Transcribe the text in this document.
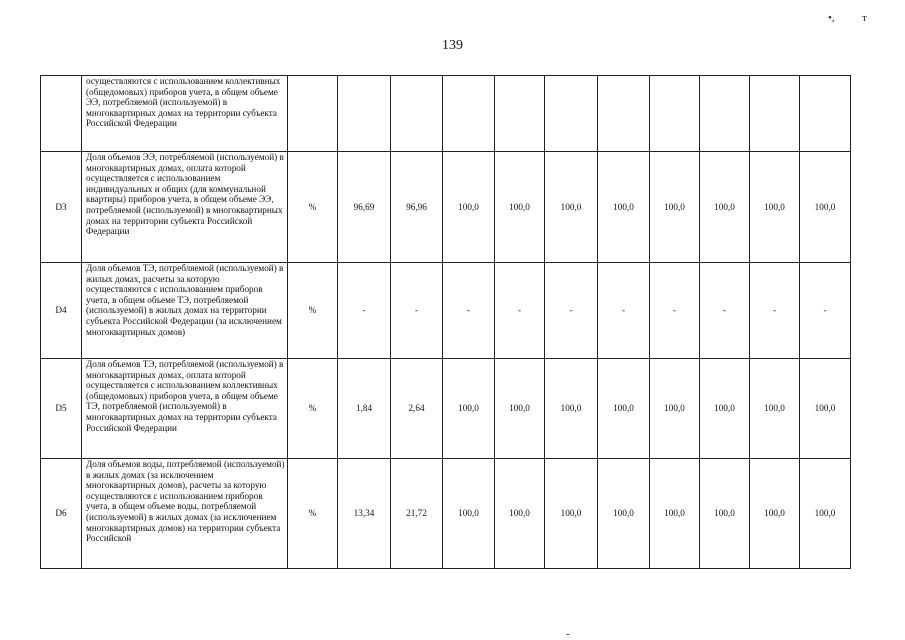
139
•, т
-
	осуществляются с использованием коллективных (общедомовых) приборов учета, в общем объеме ЭЭ, потребляемой (используемой) в многоквартирных домах на территории субъекта Российской Федерации											
D3	Доля объемов ЭЭ, потребляемой (используемой) в многоквартирных домах, оплата которой осуществляется с использованием индивидуальных и общих (для коммунальной квартиры) приборов учета, в общем объеме ЭЭ, потребляемой (используемой) в многоквартирных домах на территории субъекта Российской Федерации	%	96,69	96,96	100,0	100,0	100,0	100,0	100,0	100,0	100,0	100,0
D4	Доля объемов ТЭ, потребляемой (используемой) в жилых домах, расчеты за которую осуществляются с использованием приборов учета, в общем объеме ТЭ, потребляемой (используемой) в жилых домах на территории субъекта Российской Федерации (за исключением многоквартирных домов)	%	-	-	-	-	-	-	-	-	-	-
D5	Доля объемов ТЭ, потребляемой (используемой) в многоквартирных домах, оплата которой осуществляется с использованием коллективных (общедомовых) приборов учета, в общем объеме ТЭ, потребляемой (используемой) в многоквартирных домах на территории субъекта Российской Федерации	%	1,84	2,64	100,0	100,0	100,0	100,0	100,0	100,0	100,0	100,0
D6	Доля объемов воды, потребляемой (используемой) в жилых домах (за исключением многоквартирных домов), расчеты за которую осуществляются с использованием приборов учета, в общем объеме воды, потребляемой (используемой) в жилых домах (за исключением многоквартирных домов) на территории субъекта Российской	%	13,34	21,72	100,0	100,0	100,0	100,0	100,0	100,0	100,0	100,0
